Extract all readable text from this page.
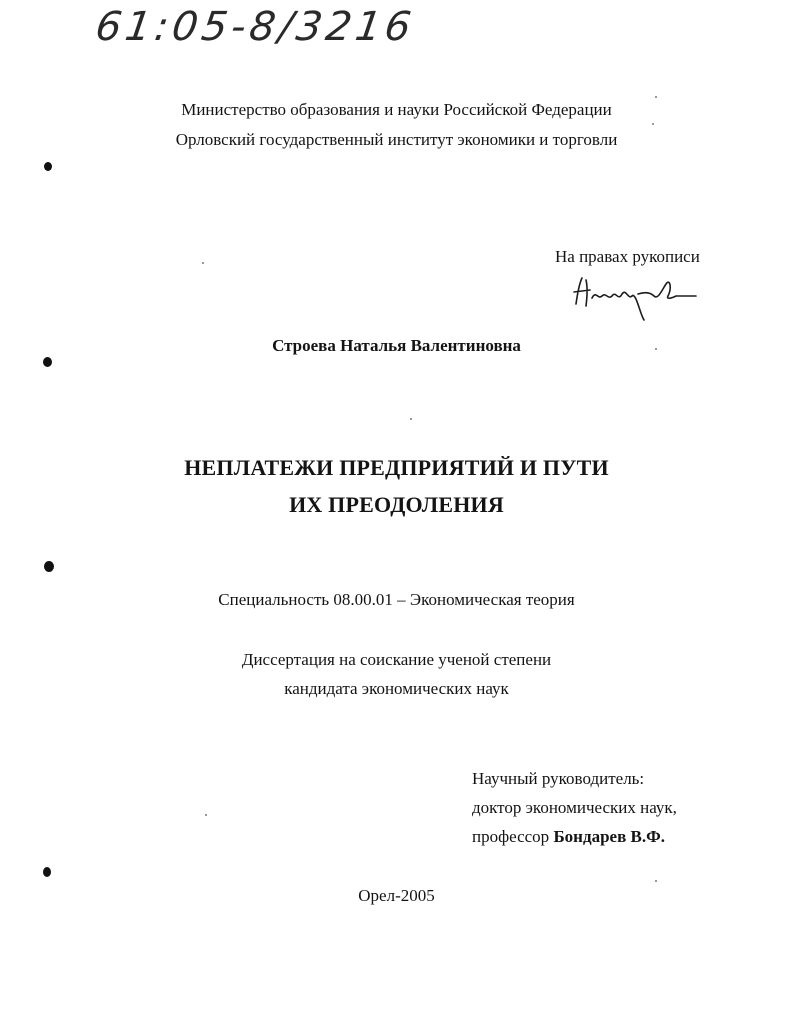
61:05-8/3216
Министерство образования и науки Российской Федерации
Орловский государственный институт экономики и торговли
На правах рукописи
Строева Наталья Валентиновна
НЕПЛАТЕЖИ ПРЕДПРИЯТИЙ И ПУТИ
ИХ ПРЕОДОЛЕНИЯ
Специальность 08.00.01 – Экономическая теория
Диссертация на соискание ученой степени
кандидата экономических наук
Научный руководитель:
доктор экономических наук,
профессор Бондарев В.Ф.
Орел-2005
